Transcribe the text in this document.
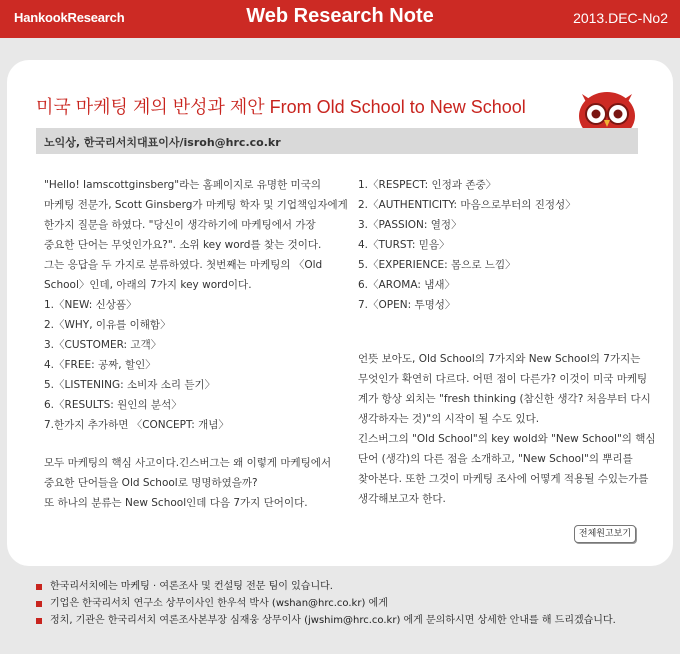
HankookResearch	Web Research Note	2013.DEC-No2
미국 마케팅 계의 반성과 제안 From Old School to New School
노익상, 한국리서치대표이사/isroh@hrc.co.kr
"Hello! Iamscottginsberg"라는 홈페이지로 유명한 미국의
마케팅 전문가, Scott Ginsberg가 마케팅 학자 및 기업책임자에게
한가지 질문을 하였다. "당신이 생각하기에 마케팅에서 가장
중요한 단어는 무엇인가요?". 소위 key word를 찾는 것이다.
그는 응답을 두 가지로 분류하였다. 첫번째는 마케팅의 〈Old
School〉인데, 아래의 7가지 key word이다.
1.〈NEW: 신상품〉
2.〈WHY, 이유를 이해함〉
3.〈CUSTOMER: 고객〉
4.〈FREE: 공짜, 할인〉
5.〈LISTENING: 소비자 소리 듣기〉
6.〈RESULTS: 원인의 분석〉
7.한가지 추가하면 〈CONCEPT: 개념〉
모두 마케팅의 핵심 사고이다.긴스버그는 왜 이렇게 마케팅에서
중요한 단어들을 Old School로 명명하였을까?
또 하나의 분류는 New School인데 다음 7가지 단어이다.
1.〈RESPECT: 인정과 존중〉
2.〈AUTHENTICITY: 마음으로부터의 진정성〉
3.〈PASSION: 열정〉
4.〈TURST: 믿음〉
5.〈EXPERIENCE: 몸으로 느낌〉
6.〈AROMA: 냄새〉
7.〈OPEN: 투명성〉
언뜻 보아도, Old School의 7가지와 New School의 7가지는
무엇인가 확연히 다르다. 어떤 점이 다른가? 이것이 미국 마케팅
계가 항상 외치는 "fresh thinking (참신한 생각? 처음부터 다시
생각하자는 것)"의 시작이 될 수도 있다.
긴스버그의 "Old School"의 key wold와 "New School"의 핵심
단어 (생각)의 다른 점을 소개하고, "New School"의 뿌리를
찾아본다. 또한 그것이 마케팅 조사에 어떻게 적용될 수있는가를
생각해보고자 한다.
전체원고보기
한국리서치에는 마케팅 · 여론조사 및 컨설팅 전문 팀이 있습니다.
기업은 한국리서치 연구소 상무이사인 한우석 박사 (wshan@hrc.co.kr) 에게
정치, 기관은 한국리서치 여론조사본부장 심재웅 상무이사 (jwshim@hrc.co.kr) 에게 문의하시면 상세한 안내를 해 드리겠습니다.
